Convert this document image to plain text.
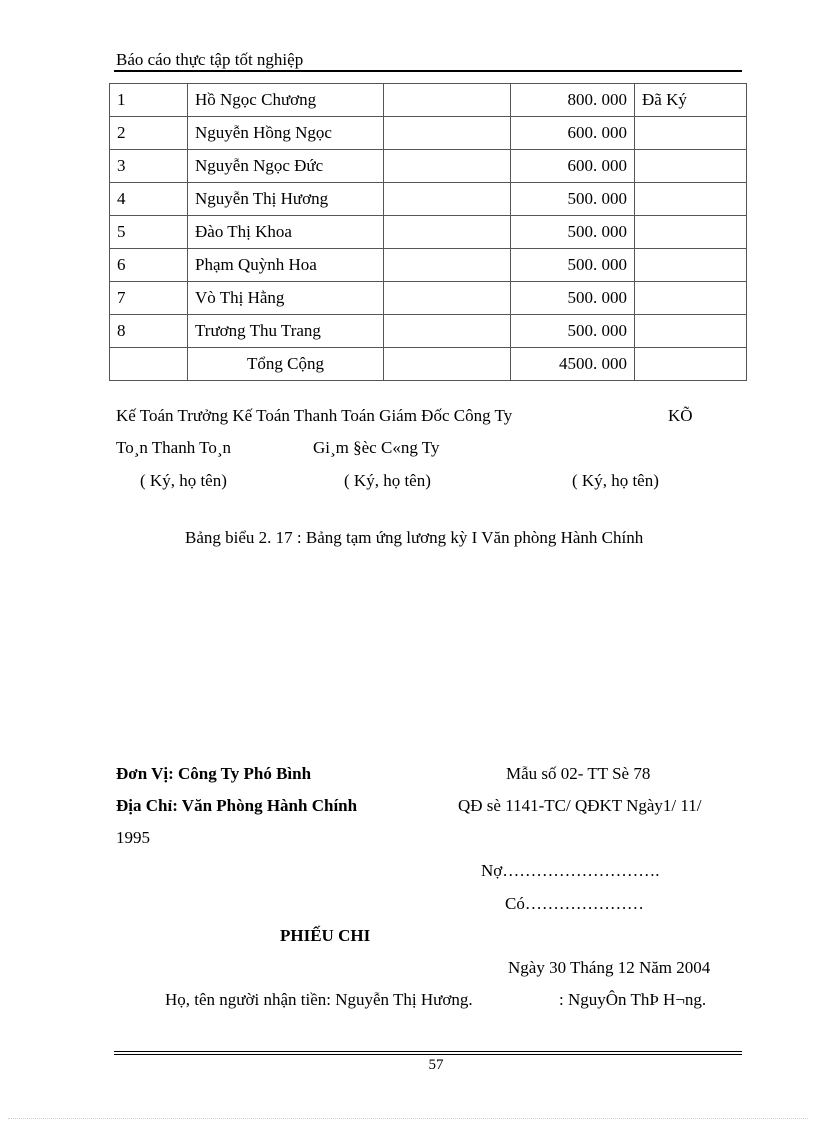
Báo cáo thực tập tốt nghiệp
1	Hồ Ngọc Chương		800. 000	Đã Ký
2	Nguyễn Hồng Ngọc		600. 000	
3	Nguyễn Ngọc Đức		600. 000	
4	Nguyễn Thị Hương		500. 000	
5	Đào Thị Khoa		500. 000	
6	Phạm Quỳnh Hoa		500. 000	
7	Vò Thị Hằng		500. 000	
8	Trương Thu Trang		500. 000	
	Tổng Cộng		4500. 000	
Kế Toán Trưởng Kế Toán Thanh Toán Giám Đốc Công Ty	KÕ
To¸n Thanh To¸n	Gi¸m §èc C«ng Ty
( Ký, họ tên)	( Ký, họ tên)	( Ký, họ tên)
Bảng biểu 2. 17 : Bảng tạm ứng lương kỳ I Văn phòng Hành Chính
Đơn Vị: Công Ty Phó Bình	Mẫu số 02- TT Sè 78
Địa Chỉ: Văn Phòng Hành Chính	QĐ sè 1141-TC/ QĐKT Ngày1/ 11/
1995
Nợ……………………….
Có…………………
PHIẾU CHI
Ngày 30 Tháng 12 Năm 2004
Họ, tên người nhận tiền: Nguyễn Thị Hương.	: NguyÔn ThÞ H¬ng.
57
